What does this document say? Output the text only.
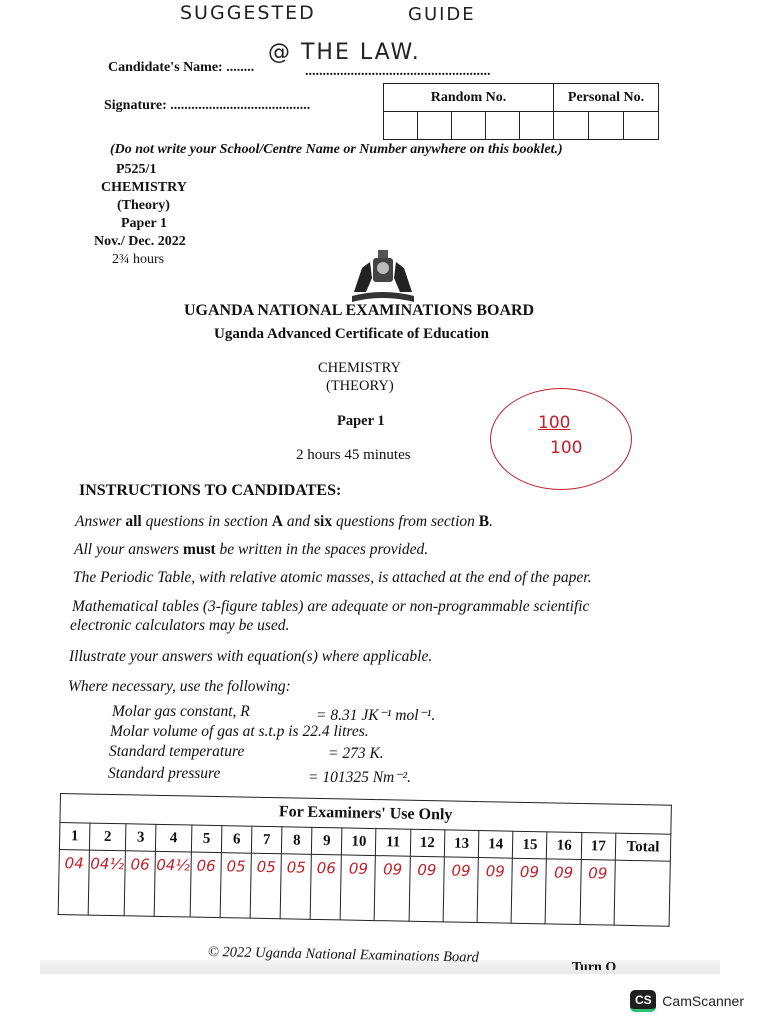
SUGGESTED	GUIDE
Candidate's Name: ........
@ THE LAW.
.....................................................
Signature: ........................................
Random No.					Personal No.		

(Do not write your School/Centre Name or Number anywhere on this booklet.)
P525/1
CHEMISTRY
(Theory)
Paper 1
Nov./ Dec. 2022
2¾ hours
UGANDA NATIONAL EXAMINATIONS BOARD
Uganda Advanced Certificate of Education
CHEMISTRY
(THEORY)
Paper 1
2 hours 45 minutes
100
100
INSTRUCTIONS TO CANDIDATES:
Answer all questions in section A and six questions from section B.
All your answers must be written in the spaces provided.
The Periodic Table, with relative atomic masses, is attached at the end of the paper.
Mathematical tables (3-figure tables) are adequate or non-programmable scientific
electronic calculators may be used.
Illustrate your answers with equation(s) where applicable.
Where necessary, use the following:
Molar gas constant, R	= 8.31 JK⁻¹ mol⁻¹.
Molar volume of gas at s.t.p is 22.4 litres.
Standard temperature	= 273 K.
Standard pressure	= 101325 Nm⁻².
For Examiners' Use Only																	
1	2	3	4	5	6	7	8	9	10	11	12	13	14	15	16	17	Total
04	04½	06	04½	06	05	05	05	06	09	09	09	09	09	09	09	09	
© 2022 Uganda National Examinations Board
Turn O
CS CamScanner
